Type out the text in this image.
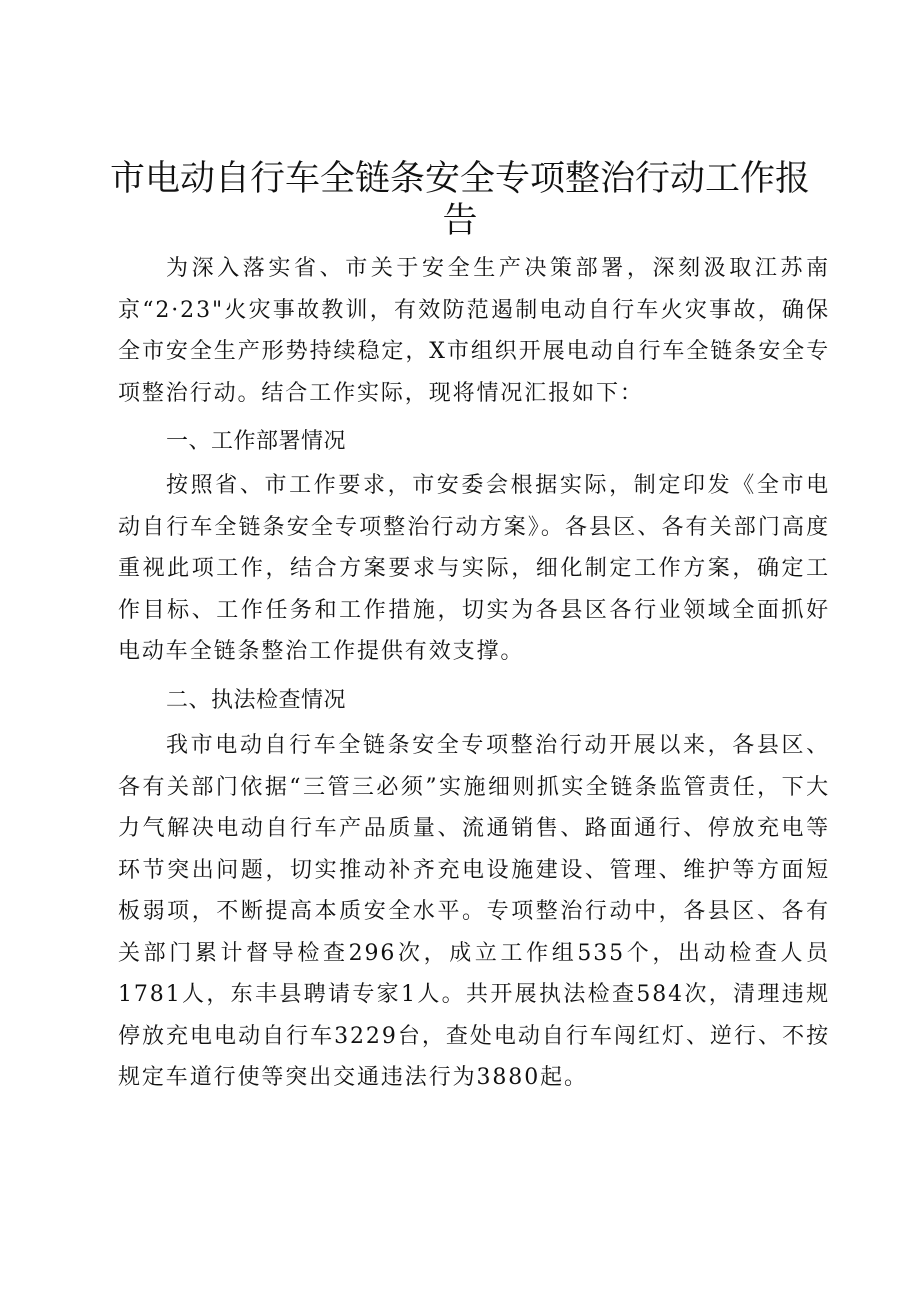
市电动自行车全链条安全专项整治行动工作报告

为深入落实省、市关于安全生产决策部署，深刻汲取江苏南京“2·23"火灾事故教训，有效防范遏制电动自行车火灾事故，确保全市安全生产形势持续稳定，X市组织开展电动自行车全链条安全专项整治行动。结合工作实际，现将情况汇报如下：

一、工作部署情况

按照省、市工作要求，市安委会根据实际，制定印发《全市电动自行车全链条安全专项整治行动方案》。各县区、各有关部门高度重视此项工作，结合方案要求与实际，细化制定工作方案，确定工作目标、工作任务和工作措施，切实为各县区各行业领域全面抓好电动车全链条整治工作提供有效支撑。

二、执法检查情况

我市电动自行车全链条安全专项整治行动开展以来，各县区、各有关部门依据“三管三必须”实施细则抓实全链条监管责任，下大力气解决电动自行车产品质量、流通销售、路面通行、停放充电等环节突出问题，切实推动补齐充电设施建设、管理、维护等方面短板弱项，不断提高本质安全水平。专项整治行动中，各县区、各有关部门累计督导检查296次，成立工作组535个，出动检查人员1781人，东丰县聘请专家1人。共开展执法检查584次，清理违规停放充电电动自行车3229台，查处电动自行车闯红灯、逆行、不按规定车道行使等突出交通违法行为3880起。
